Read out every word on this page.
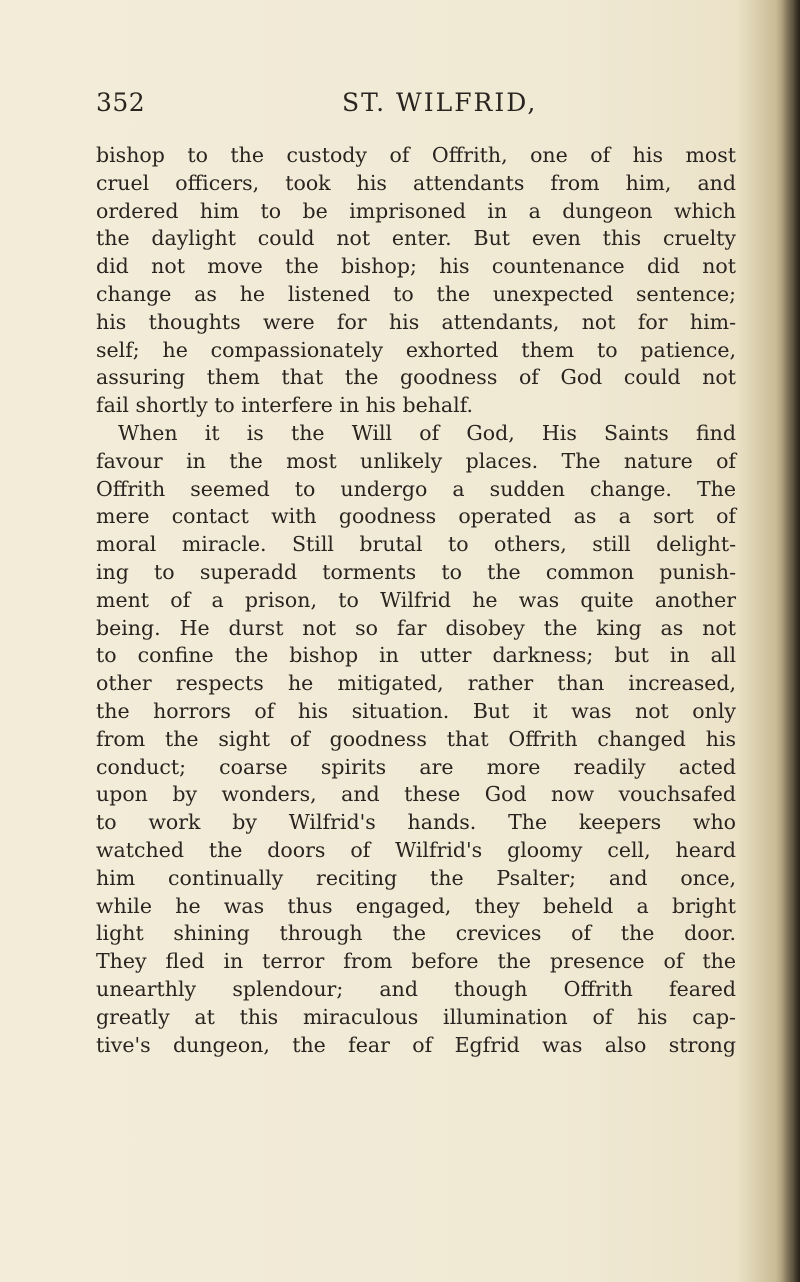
352	ST. WILFRID,
bishop to the custody of Offrith, one of his most
cruel officers, took his attendants from him, and
ordered him to be imprisoned in a dungeon which
the daylight could not enter. But even this cruelty
did not move the bishop; his countenance did not
change as he listened to the unexpected sentence;
his thoughts were for his attendants, not for him-
self; he compassionately exhorted them to patience,
assuring them that the goodness of God could not
fail shortly to interfere in his behalf.
When it is the Will of God, His Saints find
favour in the most unlikely places. The nature of
Offrith seemed to undergo a sudden change. The
mere contact with goodness operated as a sort of
moral miracle. Still brutal to others, still delight-
ing to superadd torments to the common punish-
ment of a prison, to Wilfrid he was quite another
being. He durst not so far disobey the king as not
to confine the bishop in utter darkness; but in all
other respects he mitigated, rather than increased,
the horrors of his situation. But it was not only
from the sight of goodness that Offrith changed his
conduct; coarse spirits are more readily acted
upon by wonders, and these God now vouchsafed
to work by Wilfrid's hands. The keepers who
watched the doors of Wilfrid's gloomy cell, heard
him continually reciting the Psalter; and once,
while he was thus engaged, they beheld a bright
light shining through the crevices of the door.
They fled in terror from before the presence of the
unearthly splendour; and though Offrith feared
greatly at this miraculous illumination of his cap-
tive's dungeon, the fear of Egfrid was also strong
